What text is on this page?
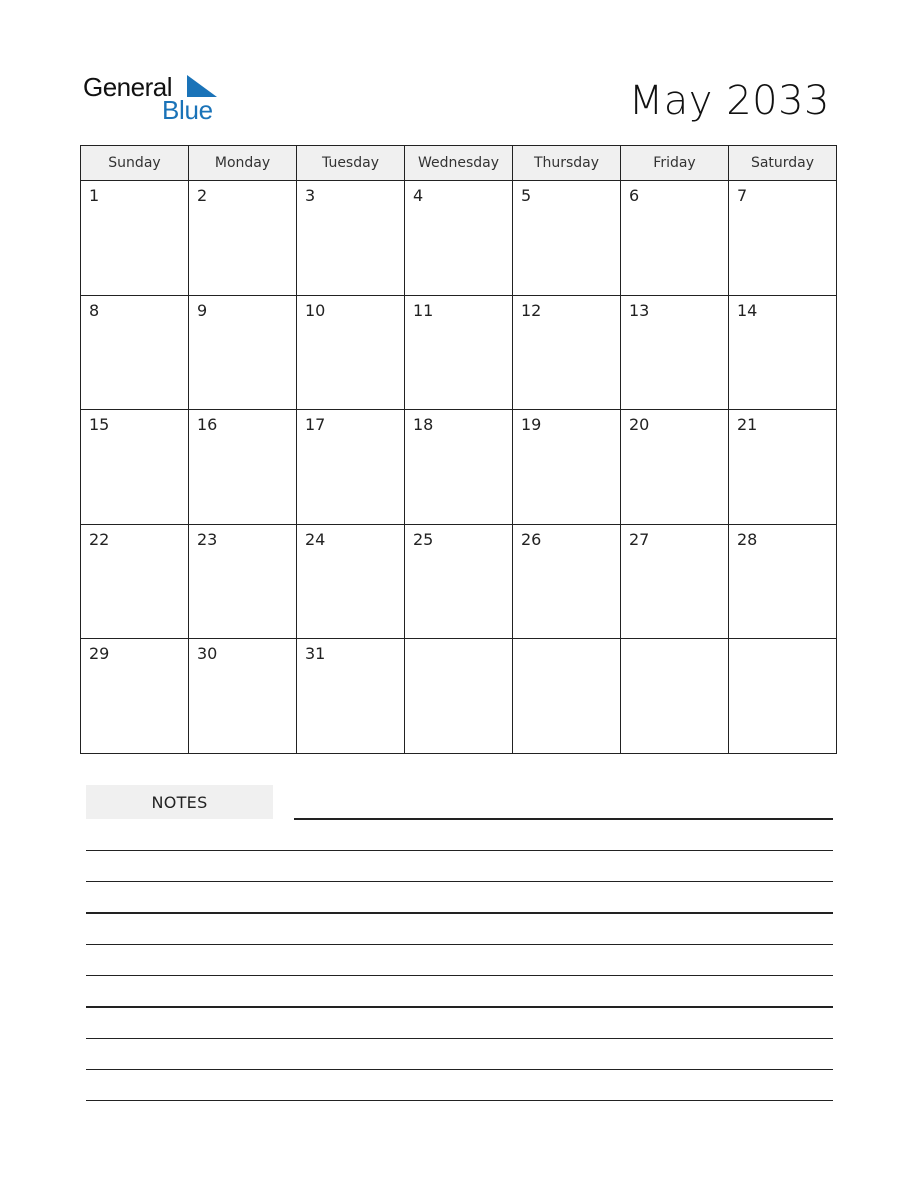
General
Blue	May 2033
Sunday	Monday	Tuesday	Wednesday	Thursday	Friday	Saturday
1	2	3	4	5	6	7
8	9	10	11	12	13	14
15	16	17	18	19	20	21
22	23	24	25	26	27	28
29	30	31				
NOTES
